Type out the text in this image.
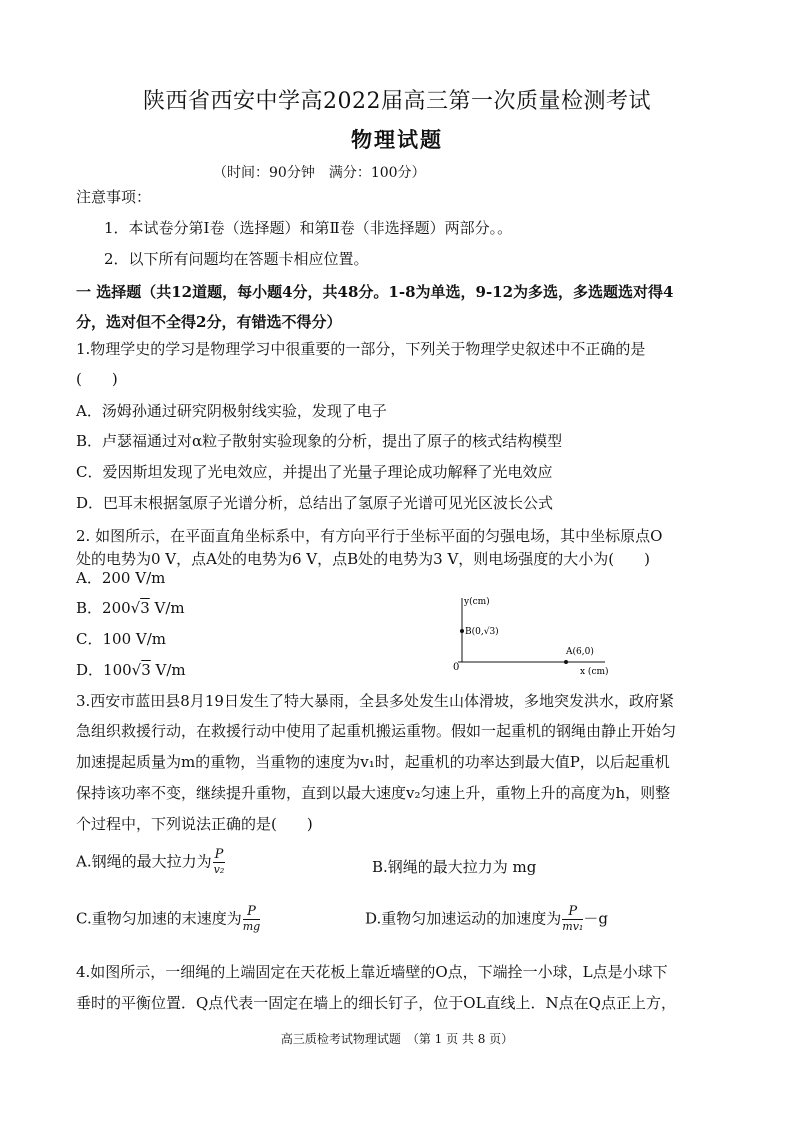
陕西省西安中学高2022届高三第一次质量检测考试
物理试题
（时间：90分钟　满分：100分）
注意事项：
1．本试卷分第Ⅰ卷（选择题）和第Ⅱ卷（非选择题）两部分。。
2．以下所有问题均在答题卡相应位置。
一 选择题（共12道题，每小题4分，共48分。1-8为单选，9-12为多选，多选题选对得4
分，选对但不全得2分，有错选不得分）
1.物理学史的学习是物理学习中很重要的一部分，下列关于物理学史叙述中不正确的是
(　　)
A．汤姆孙通过研究阴极射线实验，发现了电子
B．卢瑟福通过对α粒子散射实验现象的分析，提出了原子的核式结构模型
C．爱因斯坦发现了光电效应，并提出了光量子理论成功解释了光电效应
D．巴耳末根据氢原子光谱分析，总结出了氢原子光谱可见光区波长公式
2. 如图所示，在平面直角坐标系中，有方向平行于坐标平面的匀强电场，其中坐标原点O
处的电势为0 V，点A处的电势为6 V，点B处的电势为3 V，则电场强度的大小为(　　)
A．200 V/m
B．200√3 V/m
C．100 V/m
D．100√3 V/m
y(cm)
x (cm)
0
B(0,√3)
A(6,0)
3.西安市蓝田县8月19日发生了特大暴雨，全县多处发生山体滑坡，多地突发洪水，政府紧
急组织救援行动，在救援行动中使用了起重机搬运重物。假如一起重机的钢绳由静止开始匀
加速提起质量为m的重物，当重物的速度为v₁时，起重机的功率达到最大值P，以后起重机
保持该功率不变，继续提升重物，直到以最大速度v₂匀速上升，重物上升的高度为h，则整
个过程中，下列说法正确的是(　　)
A.钢绳的最大拉力为 $\frac{P}{\text{v₂}}$	B.钢绳的最大拉力为 mg
C.重物匀加速的末速度为 $\frac{P}{mg}$	D.重物匀加速运动的加速度为 $\frac{P}{\text{mv₁}} -g$
4.如图所示，一细绳的上端固定在天花板上靠近墙壁的O点，下端拴一小球，L点是小球下
垂时的平衡位置．Q点代表一固定在墙上的细长钉子，位于OL直线上．N点在Q点正上方，
高三质检考试物理试题　（第 1 页 共 8 页）
